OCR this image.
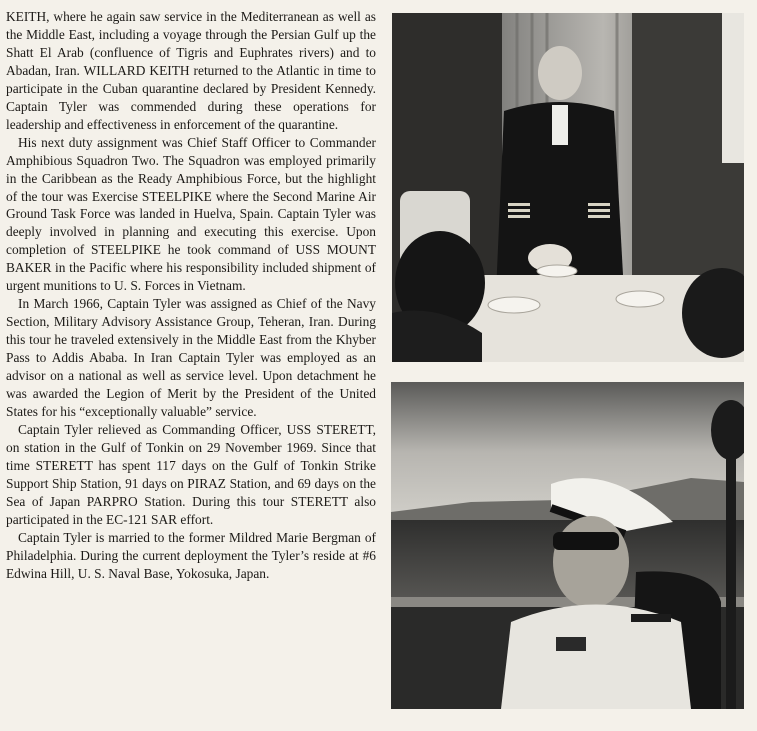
KEITH, where he again saw service in the Mediterranean as well as the Middle East, including a voyage through the Persian Gulf up the Shatt El Arab (confluence of Tigris and Euphrates rivers) and to Abadan, Iran. WILLARD KEITH returned to the Atlantic in time to participate in the Cuban quarantine declared by President Kennedy. Captain Tyler was commended during these operations for leadership and effectiveness in enforcement of the quarantine.

His next duty assignment was Chief Staff Officer to Commander Amphibious Squadron Two. The Squadron was employed primarily in the Caribbean as the Ready Amphibious Force, but the highlight of the tour was Exercise STEELPIKE where the Second Marine Air Ground Task Force was landed in Huelva, Spain. Captain Tyler was deeply involved in planning and executing this exercise. Upon completion of STEELPIKE he took command of USS MOUNT BAKER in the Pacific where his responsibility included shipment of urgent munitions to U. S. Forces in Vietnam.

In March 1966, Captain Tyler was assigned as Chief of the Navy Section, Military Advisory Assistance Group, Teheran, Iran. During this tour he traveled extensively in the Middle East from the Khyber Pass to Addis Ababa. In Iran Captain Tyler was employed as an advisor on a national as well as service level. Upon detachment he was awarded the Legion of Merit by the President of the United States for his “exceptionally valuable” service.

Captain Tyler relieved as Commanding Officer, USS STERETT, on station in the Gulf of Tonkin on 29 November 1969. Since that time STERETT has spent 117 days on the Gulf of Tonkin Strike Support Ship Station, 91 days on PIRAZ Station, and 69 days on the Sea of Japan PARPRO Station. During this tour STERETT also participated in the EC-121 SAR effort.

Captain Tyler is married to the former Mildred Marie Bergman of Philadelphia. During the current deployment the Tyler’s reside at #6 Edwina Hill, U. S. Naval Base, Yokosuka, Japan.
